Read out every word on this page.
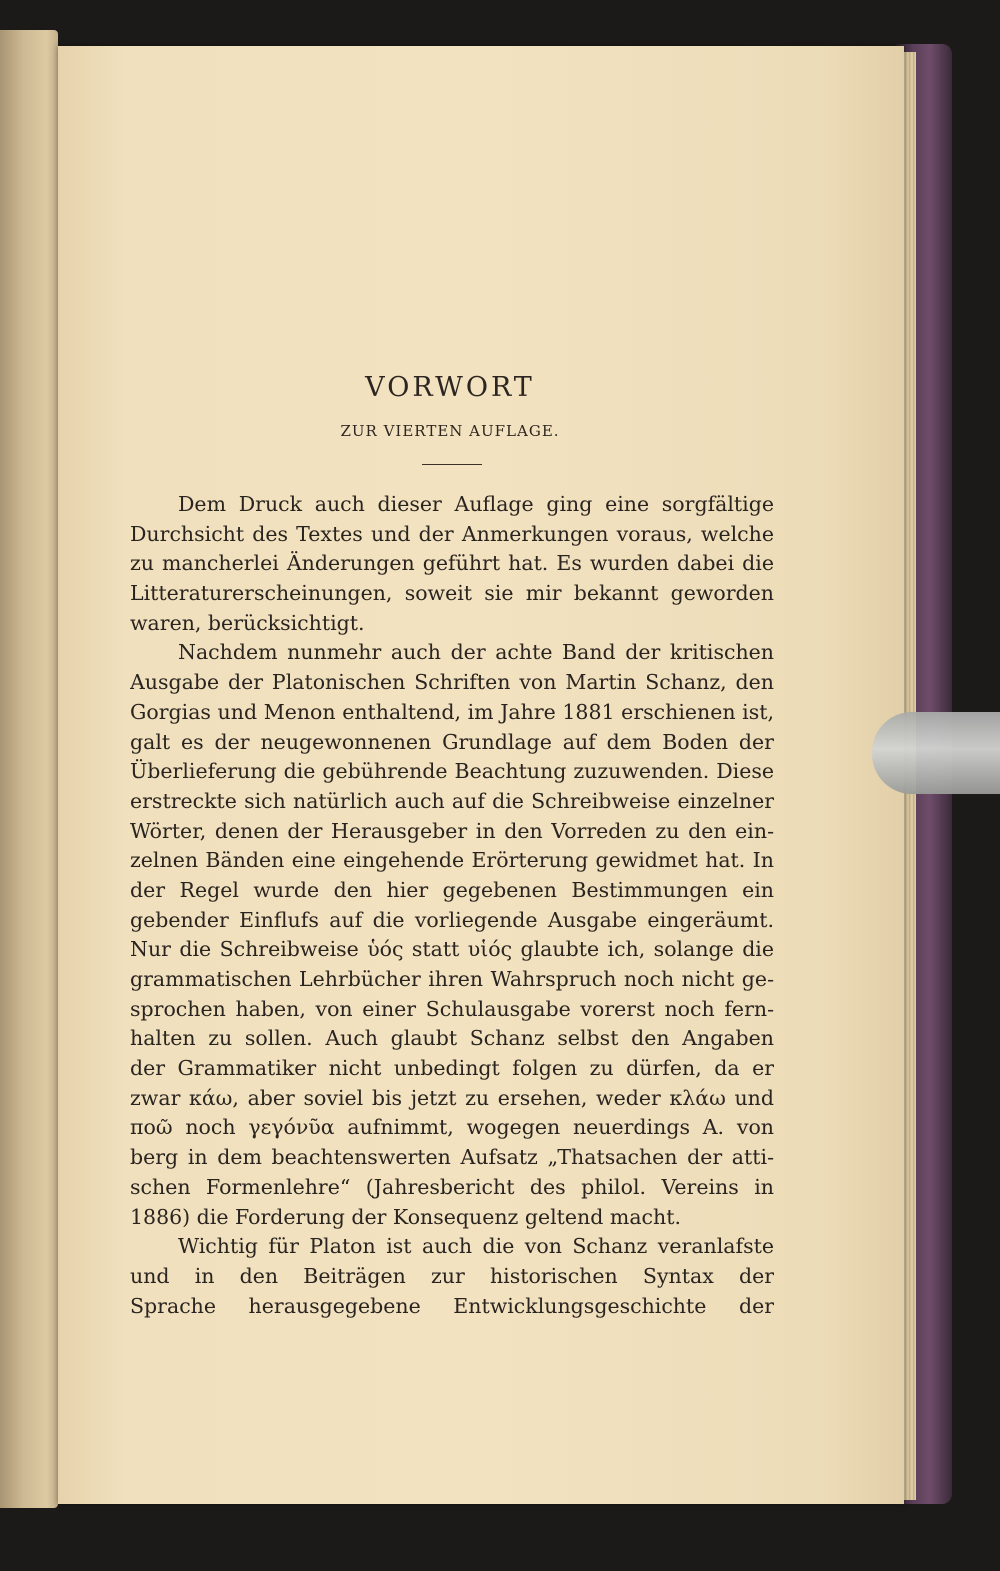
VORWORT
ZUR VIERTEN AUFLAGE.
Dem Druck auch dieser Auflage ging eine sorgfältige
Durchsicht des Textes und der Anmerkungen voraus, welche
zu mancherlei Änderungen geführt hat. Es wurden dabei die
Litteraturerscheinungen, soweit sie mir bekannt geworden
waren, berücksichtigt.
Nachdem nunmehr auch der achte Band der kritischen
Ausgabe der Platonischen Schriften von Martin Schanz, den
Gorgias und Menon enthaltend, im Jahre 1881 erschienen ist,
galt es der neugewonnenen Grundlage auf dem Boden der
Überlieferung die gebührende Beachtung zuzuwenden. Diese
erstreckte sich natürlich auch auf die Schreibweise einzelner
Wörter, denen der Herausgeber in den Vorreden zu den ein-
zelnen Bänden eine eingehende Erörterung gewidmet hat. In
der Regel wurde den hier gegebenen Bestimmungen ein
gebender Einflufs auf die vorliegende Ausgabe eingeräumt.
Nur die Schreibweise ὑός statt υἱός glaubte ich, solange die
grammatischen Lehrbücher ihren Wahrspruch noch nicht ge-
sprochen haben, von einer Schulausgabe vorerst noch fern-
halten zu sollen. Auch glaubt Schanz selbst den Angaben
der Grammatiker nicht unbedingt folgen zu dürfen, da er
zwar κάω, aber soviel bis jetzt zu ersehen, weder κλάω und
ποῶ noch γεγόνῦα aufnimmt, wogegen neuerdings A. von
berg in dem beachtenswerten Aufsatz „Thatsachen der atti-
schen Formenlehre“ (Jahresbericht des philol. Vereins in
1886) die Forderung der Konsequenz geltend macht.
Wichtig für Platon ist auch die von Schanz veranlafste
und in den Beiträgen zur historischen Syntax der
Sprache herausgegebene Entwicklungsgeschichte der
